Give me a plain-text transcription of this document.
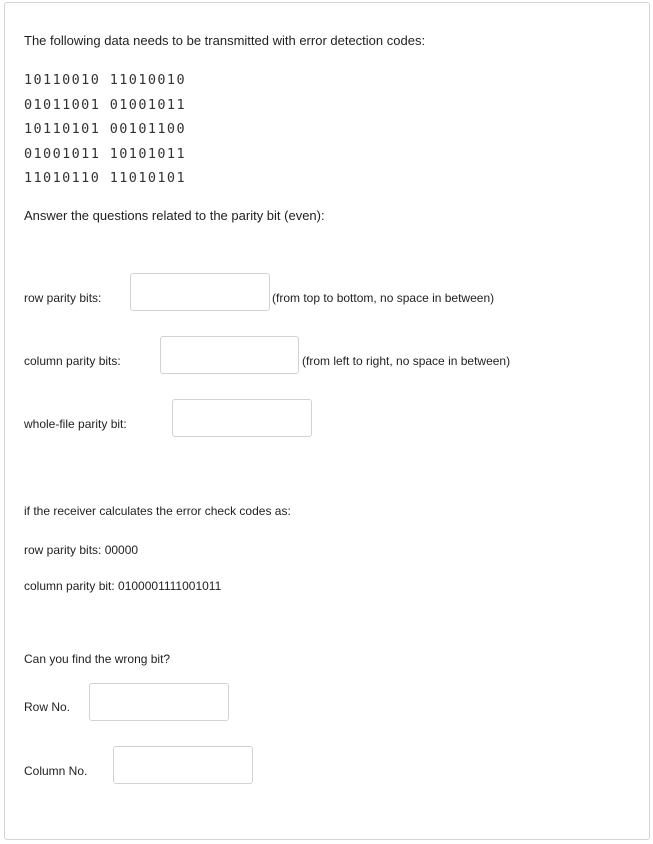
The following data needs to be transmitted with error detection codes:
10110010 11010010
01011001 01001011
10110101 00101100
01001011 10101011
11010110 11010101
Answer the questions related to the parity bit (even):
row parity bits:	(from top to bottom, no space in between)
column parity bits:	(from left to right, no space in between)
whole-file parity bit:
if the receiver calculates the error check codes as:
row parity bits: 00000
column parity bit: 0100001111001011
Can you find the wrong bit?
Row No.
Column No.
